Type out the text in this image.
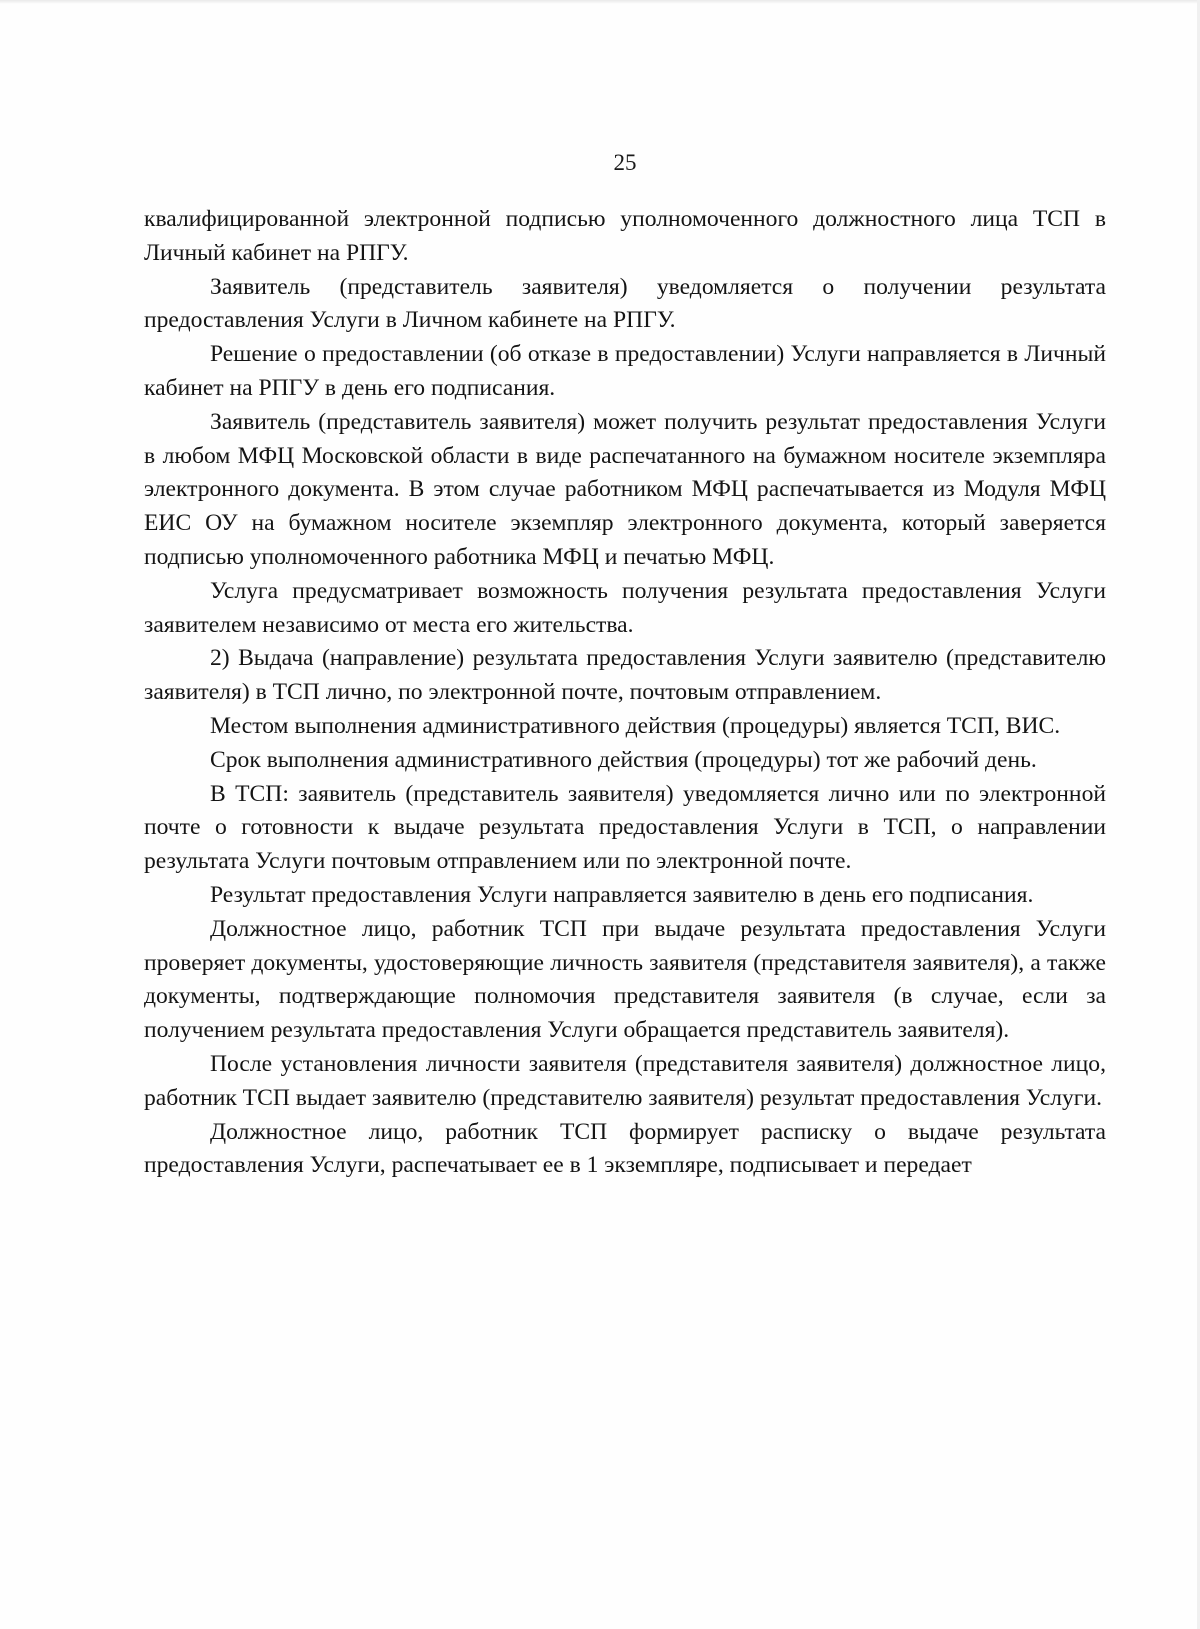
25

квалифицированной электронной подписью уполномоченного должностного лица ТСП в Личный кабинет на РПГУ.

Заявитель (представитель заявителя) уведомляется о получении результата предоставления Услуги в Личном кабинете на РПГУ.

Решение о предоставлении (об отказе в предоставлении) Услуги направляется в Личный кабинет на РПГУ в день его подписания.

Заявитель (представитель заявителя) может получить результат предоставления Услуги в любом МФЦ Московской области в виде распечатанного на бумажном носителе экземпляра электронного документа. В этом случае работником МФЦ распечатывается из Модуля МФЦ ЕИС ОУ на бумажном носителе экземпляр электронного документа, который заверяется подписью уполномоченного работника МФЦ и печатью МФЦ.

Услуга предусматривает возможность получения результата предоставления Услуги заявителем независимо от места его жительства.

2) Выдача (направление) результата предоставления Услуги заявителю (представителю заявителя) в ТСП лично, по электронной почте, почтовым отправлением.

Местом выполнения административного действия (процедуры) является ТСП, ВИС.

Срок выполнения административного действия (процедуры) тот же рабочий день.

В ТСП: заявитель (представитель заявителя) уведомляется лично или по электронной почте о готовности к выдаче результата предоставления Услуги в ТСП, о направлении результата Услуги почтовым отправлением или по электронной почте.

Результат предоставления Услуги направляется заявителю в день его подписания.

Должностное лицо, работник ТСП при выдаче результата предоставления Услуги проверяет документы, удостоверяющие личность заявителя (представителя заявителя), а также документы, подтверждающие полномочия представителя заявителя (в случае, если за получением результата предоставления Услуги обращается представитель заявителя).

После установления личности заявителя (представителя заявителя) должностное лицо, работник ТСП выдает заявителю (представителю заявителя) результат предоставления Услуги.

Должностное лицо, работник ТСП формирует расписку о выдаче результата предоставления Услуги, распечатывает ее в 1 экземпляре, подписывает и передает
